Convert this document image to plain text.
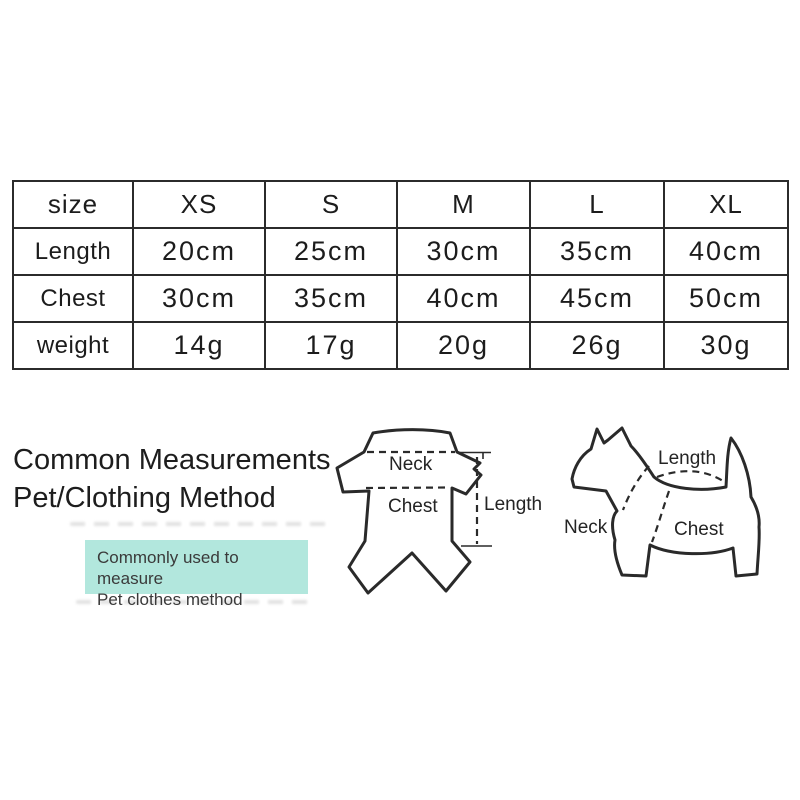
size	XS	S	M	L	XL
Length	20cm	25cm	30cm	35cm	40cm
Chest	30cm	35cm	40cm	45cm	50cm
weight	14g	17g	20g	26g	30g
Common Measurements
Pet/Clothing Method
Commonly used to measure
Pet clothes method
Neck
Chest Length
Length
Neck	Chest
